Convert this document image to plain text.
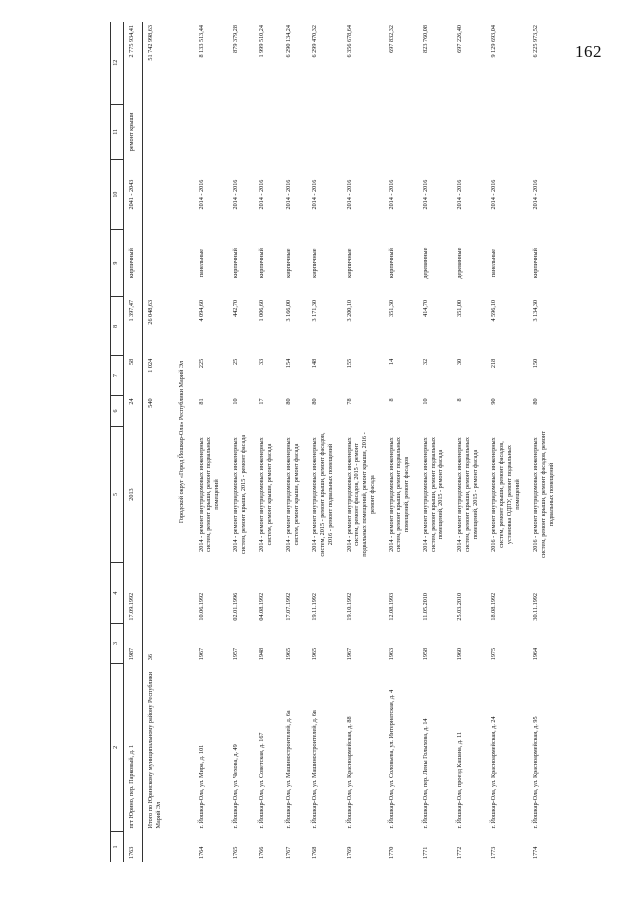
162
1	2	3	4	5	6	7	8	9	10	11	12
1763	пгт Юрино, пер. Парковый, д. 1	1987	17.09.1992	2013	24	58	1 397,47	кирпичный	2041 - 2043	ремонт крыши	2 775 934,41
	Итого по Юринскому муниципальному району Республики Марий Эл	36			540	1 024	26 048,63				51 742 998,63
Городской округ «Город Йошкар-Ола» Республики Марий Эл											
1764	г. Йошкар-Ола, ул. Мира, д. 101	1967	10.06.1992	2014 - ремонт внутридомовых инженерных систем, ремонт крыши, ремонт подвальных помещений	81	225	4 094,60	панельные	2014 - 2016		8 133 513,44
1765	г. Йошкар-Ола, ул. Чехова, д. 49	1957	02.01.1996	2014 - ремонт внутридомовых инженерных систем, ремонт крыши, 2015 - ремонт фасада	10	25	442,70	кирпичный	2014 - 2016		879 379,28
1766	г. Йошкар-Ола, ул. Советская, д. 167	1948	04.08.1992	2014 - ремонт внутридомовых инженерных систем, ремонт крыши, ремонт фасада	17	33	1 006,60	кирпичный	2014 - 2016		1 999 510,24
1767	г. Йошкар-Ола, ул. Машиностроителей, д. 6а	1965	17.07.1992	2014 - ремонт внутридомовых инженерных систем, ремонт крыши, ремонт фасада	80	154	3 166,00	кирпичные	2014 - 2016		6 290 134,24
1768	г. Йошкар-Ола, ул. Машиностроителей, д. 6в	1965	19.11.1992	2014 - ремонт внутридомовых инженерных систем, 2015 - ремонт крыши, ремонт фасадов, 2016 - ремонт подвальных помещений	80	148	3 171,30	кирпичные	2014 - 2016		6 299 470,32
1769	г. Йошкар-Ола, ул. Красноармейская, д. 88	1967	19.10.1992	2014 - ремонт внутридомовых инженерных систем, ремонт фасадов, 2015 - ремонт подвальных помещений, ремонт крыши, 2016 - ремонт фасада	78	155	3 200,10	кирпичные	2014 - 2016		6 356 678,64
1770	г. Йошкар-Ола, ул. Соловьева, ул. Интернатская, д. 4	1963	12.08.1993	2014 - ремонт внутридомовых инженерных систем, ремонт крыши, ремонт подвальных помещений, ремонт фасадов	8	14	351,30	кирпичный	2014 - 2016		697 832,32
1771	г. Йошкар-Ола, пер. Лены Голыхова, д. 14	1958	11.05.2010	2014 - ремонт внутридомовых инженерных систем, ремонт крыши, ремонт подвальных помещений, 2015 - ремонт фасада	10	32	414,70	деревянные	2014 - 2016		823 760,08
1772	г. Йошкар-Ола, проезд Кашана, д. 11	1960	25.03.2010	2014 - ремонт внутридомовых инженерных систем, ремонт крыши, ремонт подвальных помещений, 2015 - ремонт фасада	8	30	351,00	деревянные	2014 - 2016		697 226,40
1773	г. Йошкар-Ола, ул. Красноармейская, д. 24	1975	18.08.1992	2016 - ремонт внутридомовых инженерных систем, ремонт крыши, ремонт фасадов, установка ОДПУ, ремонт подвальных помещений	90	218	4 596,10	панельные	2014 - 2016		9 129 693,04
1774	г. Йошкар-Ола, ул. Красноармейская, д. 95	1964	30.11.1992	2016 - ремонт внутридомовых инженерных систем, ремонт крыши, ремонт фасадов, ремонт подвальных помещений	80	150	3 134,30	кирпичный	2014 - 2016		6 225 973,52
